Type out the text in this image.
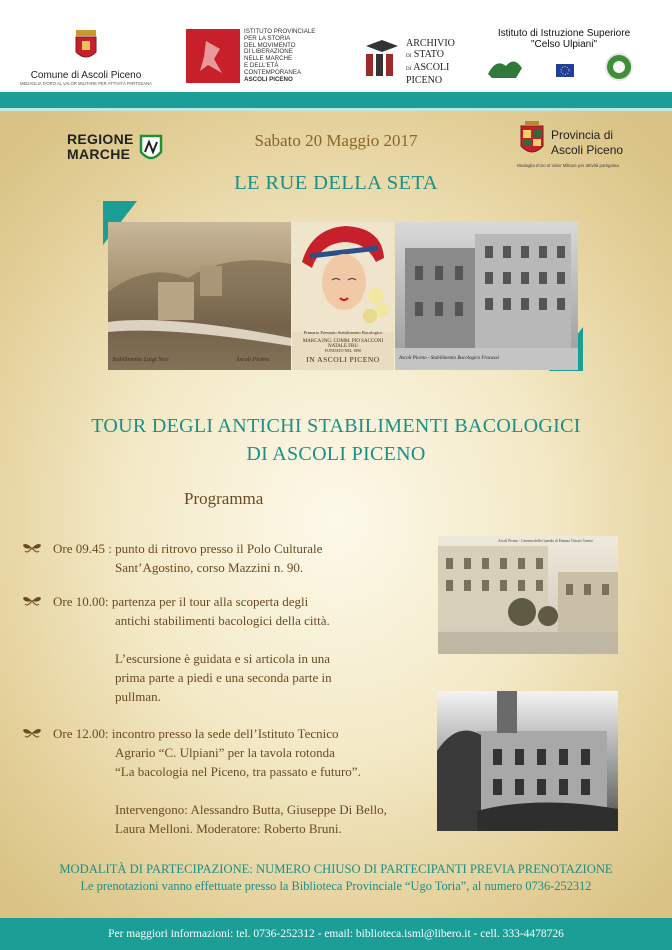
Comune di Ascoli Piceno
MEDAGLIA D'ORO AL VALOR MILITARE PER ATTIVITÀ PARTIGIANA
ISTITUTO PROVINCIALE
PER LA STORIA
DEL MOVIMENTO
DI LIBERAZIONE
NELLE MARCHE
E DELL'ETÀ
CONTEMPORANEA
ASCOLI PICENO
ARCHIVIO
DI STATO
DI ASCOLI
PICENO
Istituto di Istruzione Superiore
"Celso Ulpiani"
REGIONE
MARCHE
Sabato 20 Maggio 2017
LE RUE DELLA SETA
Provincia di
Ascoli Piceno
Medaglia d'oro al Valor Militare per attività partigiana
Stabilimento Luigi Neri	Ascoli Piceno
Primario Premiato Stabilimento Bacologico
MARCA ING. COMM. PIO SACCONI NATALE FRU
FONDATO NEL 1890
IN ASCOLI PICENO	Ascoli Piceno - Stabilimento Bacologico Fracassi
TOUR DEGLI ANTICHI STABILIMENTI BACOLOGICI
DI ASCOLI PICENO
Programma
Ore 09.45 : punto di ritrovo presso il Polo Culturale
Sant’Agostino, corso Mazzini n. 90.
Ore 10.00: partenza per il tour alla scoperta degli
antichi stabilimenti bacologici della città.
L’escursione è guidata e si articola in una
prima parte a piedi e una seconda parte in
pullman.
Ore 12.00: incontro presso la sede dell’Istituto Tecnico
Agrario “C. Ulpiani” per la tavola rotonda
“La bacologia nel Piceno, tra passato e futuro”.
Intervengono: Alessandro Butta, Giuseppe Di Bello,
Laura Melloni. Moderatore: Roberto Bruni.
Ascoli Piceno - Caserma della Guardia di Finanza Vittorio Veneto
MODALITÀ DI PARTECIPAZIONE: NUMERO CHIUSO DI PARTECIPANTI PREVIA PRENOTAZIONE
Le prenotazioni vanno effettuate presso la Biblioteca Provinciale “Ugo Toria”, al numero 0736-252312
Per maggiori informazioni: tel. 0736-252312 - email: biblioteca.isml@libero.it - cell. 333-4478726
